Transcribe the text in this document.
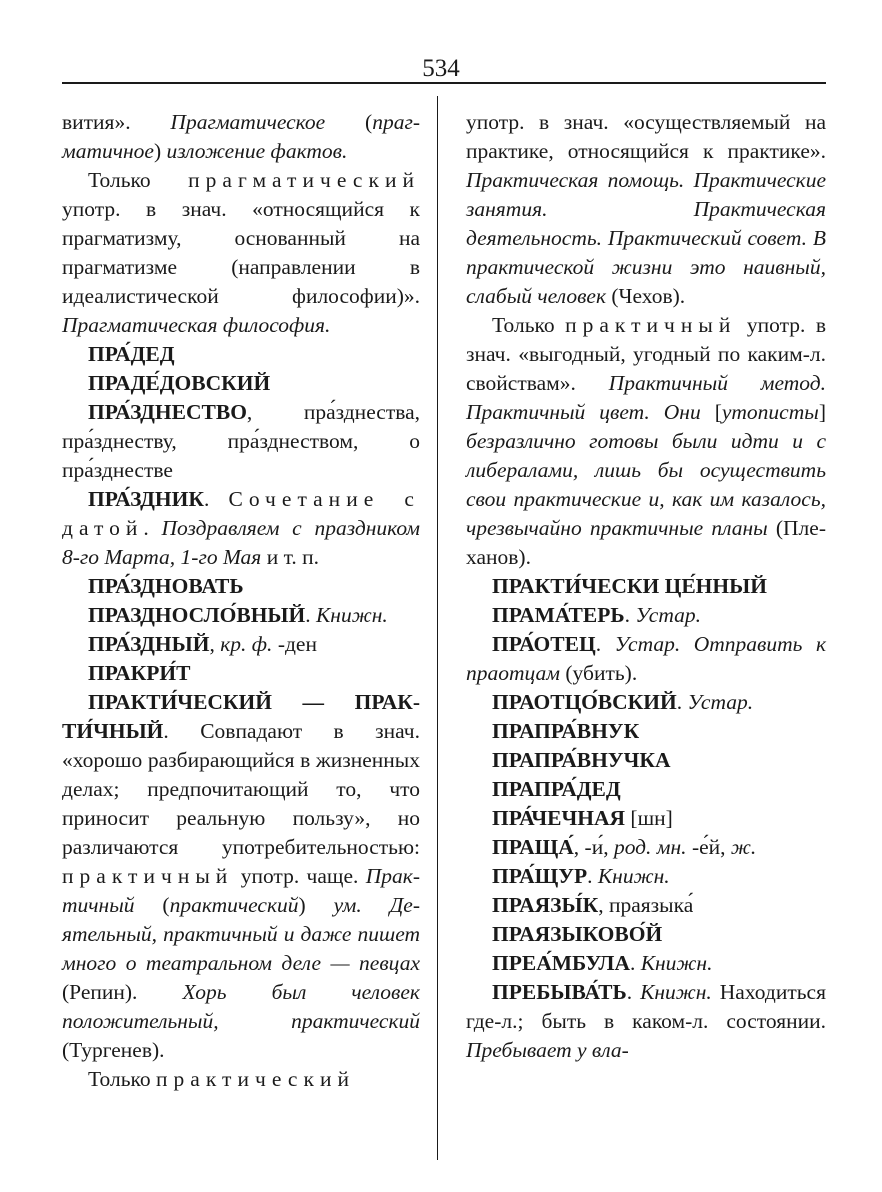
534

вития». Прагматическое (прагматичное) изложение фактов.

Только прагматический употр. в знач. «относящийся к прагматизму, основанный на прагматизме (направлении в идеалистической философии)». Прагматическая философия.

ПРА́ДЕД

ПРАДЕ́ДОВСКИЙ

ПРА́ЗДНЕСТВО, пра́зднества, пра́зднеству, пра́зднеством, о пра́зднестве

ПРА́ЗДНИК. Сочетание с датой. Поздравляем с праздником 8-го Марта, 1-го Мая и т. п.

ПРА́ЗДНОВАТЬ

ПРАЗДНОСЛО́ВНЫЙ. Книжн.

ПРА́ЗДНЫЙ, кр. ф. -ден

ПРАКРИ́Т

ПРАКТИ́ЧЕСКИЙ — ПРАКТИ́ЧНЫЙ. Совпадают в знач. «хорошо разбирающийся в жизненных делах; предпочитающий то, что приносит реальную пользу», но различаются употребительностью: практичный употр. чаще. Практичный (практический) ум. Деятельный, практичный и даже пишет много о театральном деле — певцах (Репин). Хорь был человек положительный, практический (Тургенев).

Только практический

употр. в знач. «осуществляемый на практике, относящийся к практике». Практическая помощь. Практические занятия. Практическая деятельность. Практический совет. В практической жизни это наивный, слабый человек (Чехов).

Только практичный употр. в знач. «выгодный, угодный по каким-л. свойствам». Практичный метод. Практичный цвет. Они [утописты] безразлично готовы были идти и с либералами, лишь бы осуществить свои практические и, как им казалось, чрезвычайно практичные планы (Плеханов).

ПРАКТИ́ЧЕСКИ ЦЕ́ННЫЙ

ПРАМА́ТЕРЬ. Устар.

ПРА́ОТЕЦ. Устар. Отправить к праотцам (убить).

ПРАОТЦО́ВСКИЙ. Устар.

ПРАПРА́ВНУК

ПРАПРА́ВНУЧКА

ПРАПРА́ДЕД

ПРА́ЧЕЧНАЯ [шн]

ПРАЩА́, -и́, род. мн. -е́й, ж.

ПРА́ЩУР. Книжн.

ПРАЯЗЫ́К, праязыка́

ПРАЯЗЫКОВО́Й

ПРЕА́МБУЛА. Книжн.

ПРЕБЫВА́ТЬ. Книжн. Находиться где-л.; быть в каком-л. состоянии. Пребывает у вла-
